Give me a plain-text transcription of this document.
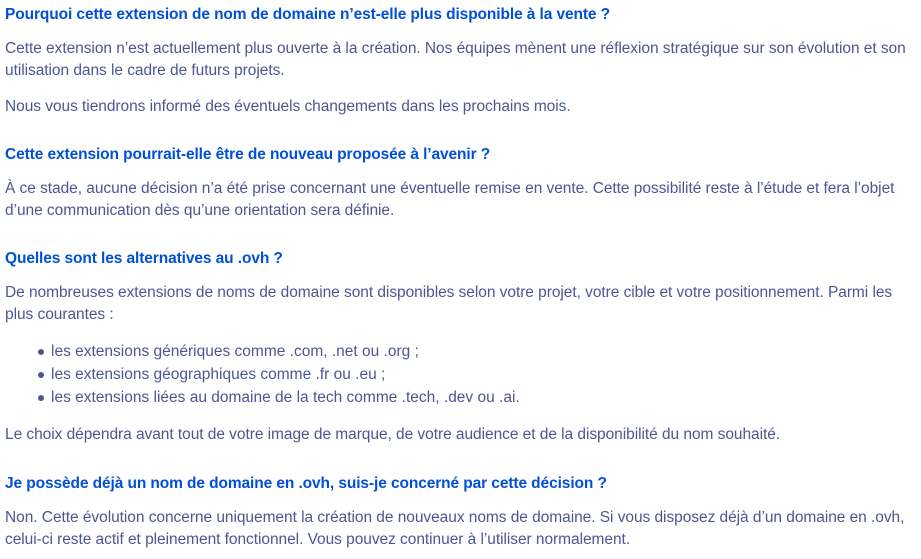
Pourquoi cette extension de nom de domaine n’est-elle plus disponible à la vente ?

Cette extension n’est actuellement plus ouverte à la création. Nos équipes mènent une réflexion stratégique sur son évolution et son utilisation dans le cadre de futurs projets.

Nous vous tiendrons informé des éventuels changements dans les prochains mois.

Cette extension pourrait-elle être de nouveau proposée à l’avenir ?

À ce stade, aucune décision n’a été prise concernant une éventuelle remise en vente. Cette possibilité reste à l’étude et fera l’objet d’une communication dès qu’une orientation sera définie.

Quelles sont les alternatives au .ovh ?

De nombreuses extensions de noms de domaine sont disponibles selon votre projet, votre cible et votre positionnement. Parmi les plus courantes :

les extensions génériques comme .com, .net ou .org ;
les extensions géographiques comme .fr ou .eu ;
les extensions liées au domaine de la tech comme .tech, .dev ou .ai.

Le choix dépendra avant tout de votre image de marque, de votre audience et de la disponibilité du nom souhaité.

Je possède déjà un nom de domaine en .ovh, suis-je concerné par cette décision ?

Non. Cette évolution concerne uniquement la création de nouveaux noms de domaine. Si vous disposez déjà d’un domaine en .ovh, celui-ci reste actif et pleinement fonctionnel. Vous pouvez continuer à l’utiliser normalement.
